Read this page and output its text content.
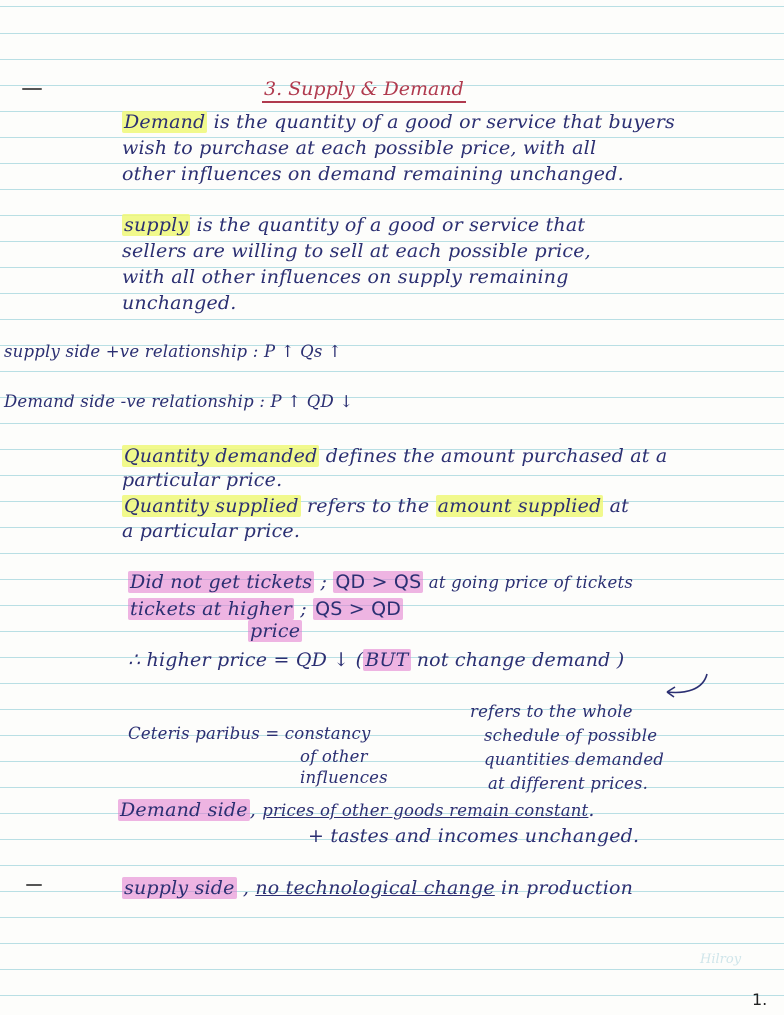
3. Supply & Demand
Demand is the quantity of a good or service that buyers
wish to purchase at each possible price, with all
other influences on demand remaining unchanged.
supply is the quantity of a good or service that
sellers are willing to sell at each possible price,
with all other influences on supply remaining
unchanged.
supply side +ve relationship : P ↑ Qs ↑
Demand side -ve relationship : P ↑ QD ↓
Quantity demanded defines the amount purchased at a
particular price.
Quantity supplied refers to the amount supplied at
a particular price.
Did not get tickets ; QD > QS at going price of tickets
tickets at higher ; QS > QD
price
∴ higher price = QD ↓ ( BUT not change demand )
Ceteris paribus = constancy
of other
influences
refers to the whole
schedule of possible
quantities demanded
at different prices.
Demand side , prices of other goods remain constant.
+ tastes and incomes unchanged.
supply side , no technological change in production
Hilroy
1.
